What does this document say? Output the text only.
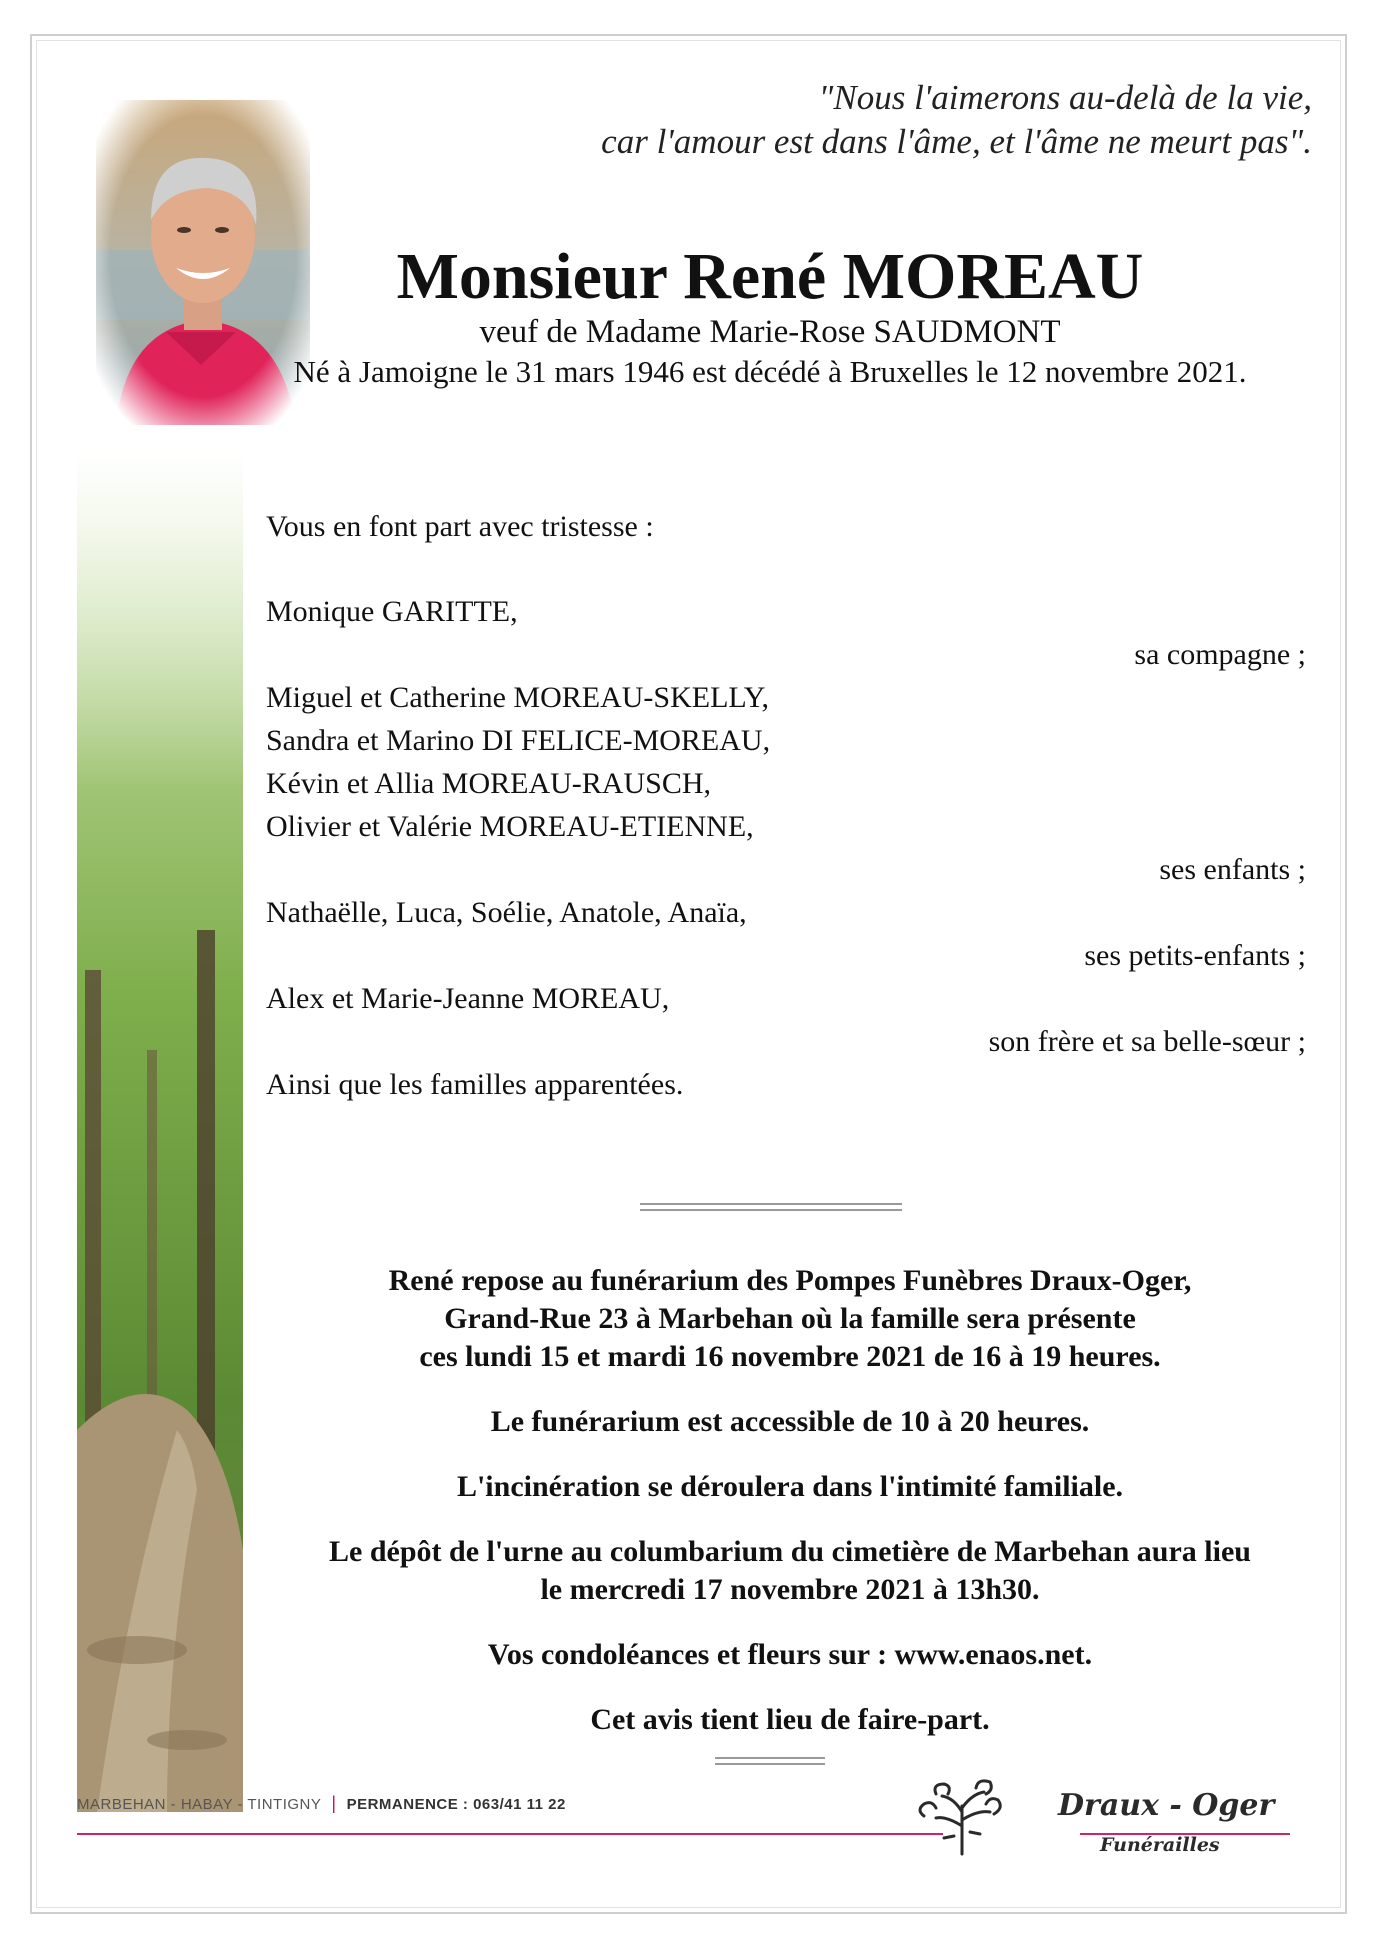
"Nous l'aimerons au-delà de la vie,
car l'amour est dans l'âme, et l'âme ne meurt pas".
Monsieur René MOREAU
veuf de Madame Marie-Rose SAUDMONT
Né à Jamoigne le 31 mars 1946 est décédé à Bruxelles le 12 novembre 2021.
Vous en font part avec tristesse :
Monique GARITTE,
sa compagne ;
Miguel et Catherine MOREAU-SKELLY,
Sandra et Marino DI FELICE-MOREAU,
Kévin et Allia MOREAU-RAUSCH,
Olivier et Valérie MOREAU-ETIENNE,
ses enfants ;
Nathaëlle, Luca, Soélie, Anatole, Anaïa,
ses petits-enfants ;
Alex et Marie-Jeanne MOREAU,
son frère et sa belle-sœur ;
Ainsi que les familles apparentées.

René repose au funérarium des Pompes Funèbres Draux-Oger,
Grand-Rue 23 à Marbehan où la famille sera présente
ces lundi 15 et mardi 16 novembre 2021 de 16 à 19 heures.

Le funérarium est accessible de 10 à 20 heures.

L'incinération se déroulera dans l'intimité familiale.

Le dépôt de l'urne au columbarium du cimetière de Marbehan aura lieu
le mercredi 17 novembre 2021 à 13h30.

Vos condoléances et fleurs sur : www.enaos.net.

Cet avis tient lieu de faire-part.

MARBEHAN - HABAY - TINTIGNY | PERMANENCE : 063/41 11 22	Draux - Oger
Funérailles
